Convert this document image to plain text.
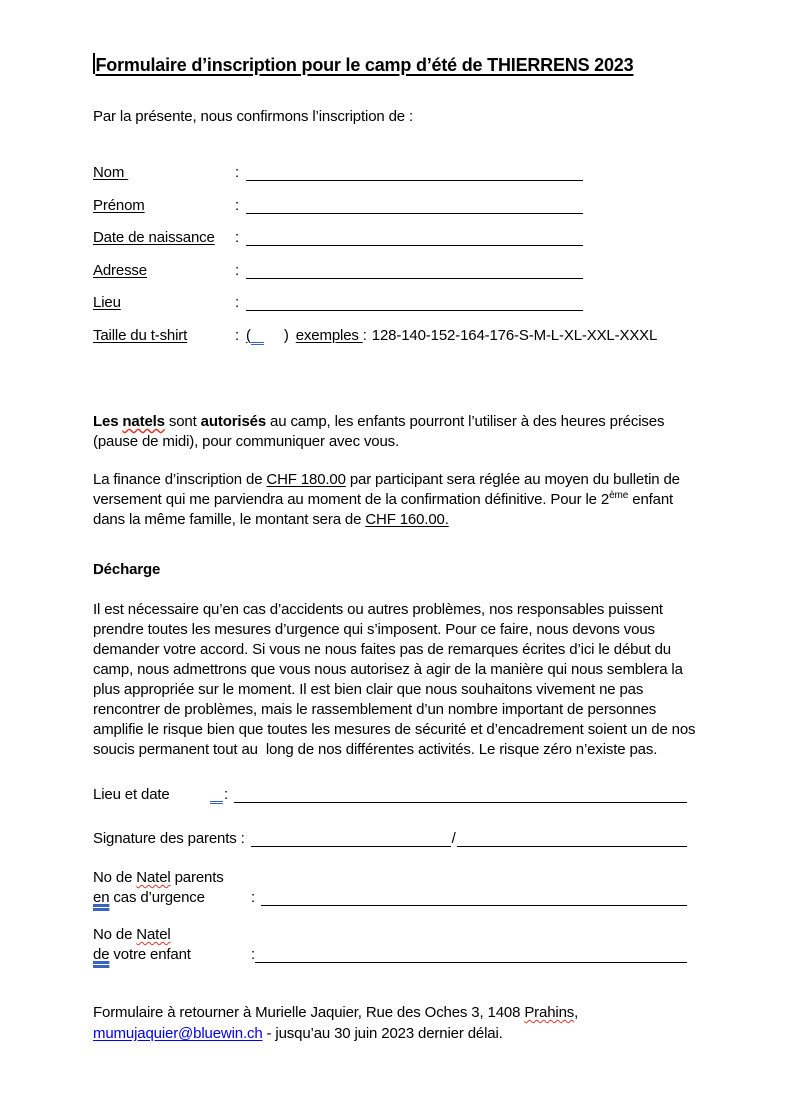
Formulaire d’inscription pour le camp d’été de THIERRENS 2023

Par la présente, nous confirmons l’inscription de :

Nom	:
Prénom	:
Date de naissance	:
Adresse	:
Lieu	:
Taille du t-shirt	: ( ) exemples : 128-140-152-164-176-S-M-L-XL-XXL-XXXL

Les natels sont autorisés au camp, les enfants pourront l’utiliser à des heures précises (pause de midi), pour communiquer avec vous.

La finance d’inscription de CHF 180.00 par participant sera réglée au moyen du bulletin de versement qui me parviendra au moment de la confirmation définitive. Pour le 2ème enfant dans la même famille, le montant sera de CHF 160.00.

Décharge

Il est nécessaire qu’en cas d’accidents ou autres problèmes, nos responsables puissent prendre toutes les mesures d’urgence qui s’imposent. Pour ce faire, nous devons vous demander votre accord. Si vous ne nous faites pas de remarques écrites d’ici le début du camp, nous admettrons que vous nous autorisez à agir de la manière qui nous semblera la plus appropriée sur le moment. Il est bien clair que nous souhaitons vivement ne pas rencontrer de problèmes, mais le rassemblement d’un nombre important de personnes amplifie le risque bien que toutes les mesures de sécurité et d’encadrement soient un de nos soucis permanent tout au  long de nos différentes activités. Le risque zéro n’existe pas.

Lieu et date	:
Signature des parents :	/
No de Natel parents
en cas d’urgence	:
No de Natel
de votre enfant	:
Formulaire à retourner à Murielle Jaquier, Rue des Oches 3, 1408 Prahins,
mumujaquier@bluewin.ch - jusqu’au 30 juin 2023 dernier délai.
